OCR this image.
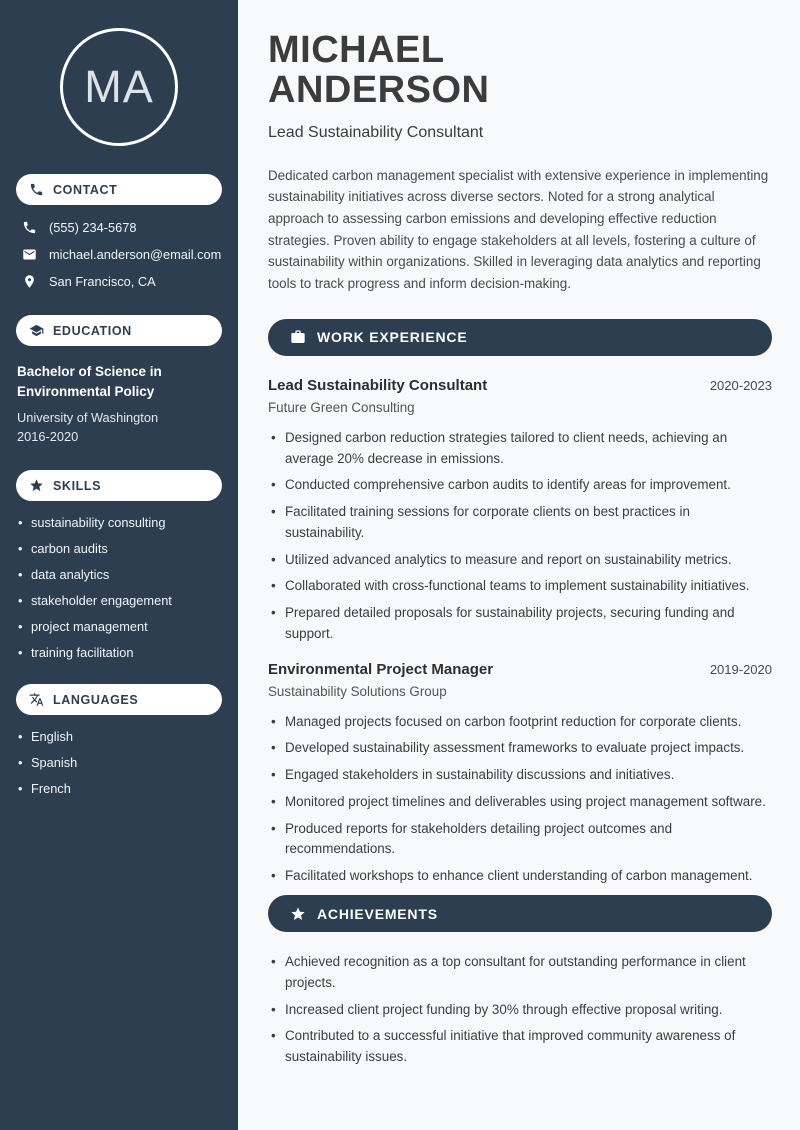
MA
CONTACT
(555) 234-5678
michael.anderson@email.com
San Francisco, CA
EDUCATION
Bachelor of Science in Environmental Policy
University of Washington
2016-2020
SKILLS
• sustainability consulting
• carbon audits
• data analytics
• stakeholder engagement
• project management
• training facilitation
LANGUAGES
• English
• Spanish
• French
MICHAEL
ANDERSON
Lead Sustainability Consultant

Dedicated carbon management specialist with extensive experience in implementing sustainability initiatives across diverse sectors. Noted for a strong analytical approach to assessing carbon emissions and developing effective reduction strategies. Proven ability to engage stakeholders at all levels, fostering a culture of sustainability within organizations. Skilled in leveraging data analytics and reporting tools to track progress and inform decision-making.

WORK EXPERIENCE
Lead Sustainability Consultant	2020-2023
Future Green Consulting
• Designed carbon reduction strategies tailored to client needs, achieving an average 20% decrease in emissions.
• Conducted comprehensive carbon audits to identify areas for improvement.
• Facilitated training sessions for corporate clients on best practices in sustainability.
• Utilized advanced analytics to measure and report on sustainability metrics.
• Collaborated with cross-functional teams to implement sustainability initiatives.
• Prepared detailed proposals for sustainability projects, securing funding and support.
Environmental Project Manager	2019-2020
Sustainability Solutions Group
• Managed projects focused on carbon footprint reduction for corporate clients.
• Developed sustainability assessment frameworks to evaluate project impacts.
• Engaged stakeholders in sustainability discussions and initiatives.
• Monitored project timelines and deliverables using project management software.
• Produced reports for stakeholders detailing project outcomes and recommendations.
• Facilitated workshops to enhance client understanding of carbon management.
ACHIEVEMENTS
• Achieved recognition as a top consultant for outstanding performance in client projects.
• Increased client project funding by 30% through effective proposal writing.
• Contributed to a successful initiative that improved community awareness of sustainability issues.
